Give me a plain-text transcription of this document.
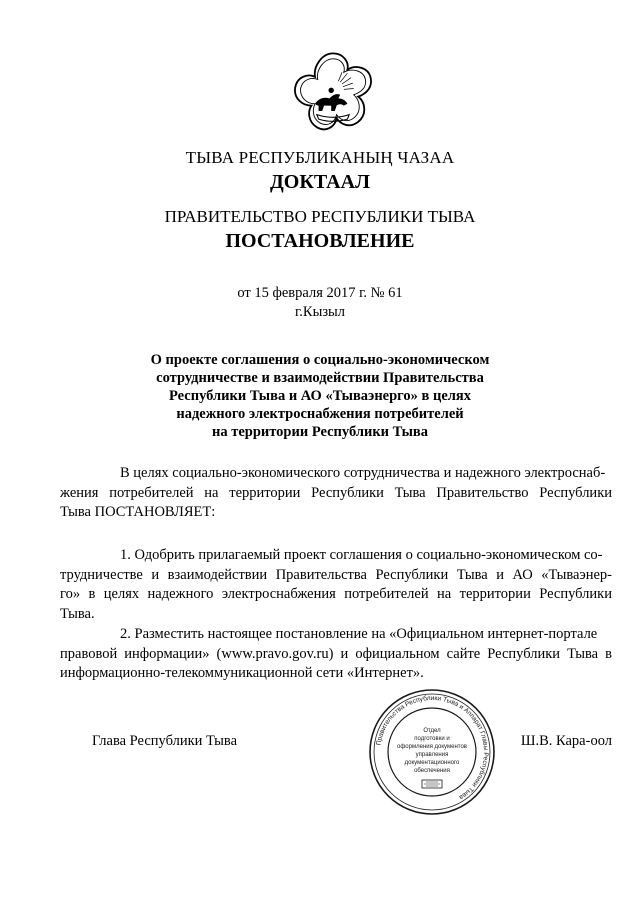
ТЫВА РЕСПУБЛИКАНЫҢ ЧАЗАА
ДОКТААЛ
ПРАВИТЕЛЬСТВО РЕСПУБЛИКИ ТЫВА
ПОСТАНОВЛЕНИЕ
от 15 февраля 2017 г. № 61
г.Кызыл
О проекте соглашения о социально-экономическом
сотрудничестве и взаимодействии Правительства
Республики Тыва и АО «Тываэнерго» в целях
надежного электроснабжения потребителей
на территории Республики Тыва
В целях социально-экономического сотрудничества и надежного электроснаб-
жения потребителей на территории Республики Тыва Правительство Республики
Тыва ПОСТАНОВЛЯЕТ:
1. Одобрить прилагаемый проект соглашения о социально-экономическом со-
трудничестве и взаимодействии Правительства Республики Тыва и АО «Тываэнер-
го» в целях надежного электроснабжения потребителей на территории Республики
Тыва.
2. Разместить настоящее постановление на «Официальном интернет-портале
правовой информации» (www.pravo.gov.ru) и официальном сайте Республики Тыва в
информационно-телекоммуникационной сети «Интернет».
Глава Республики Тыва	Ш.В. Кара-оол
Правительства Республики Тыва и Аппарат Главы Республики Тыва
Отдел
подготовки и
оформления документов
управления
документационного
обеспечения
